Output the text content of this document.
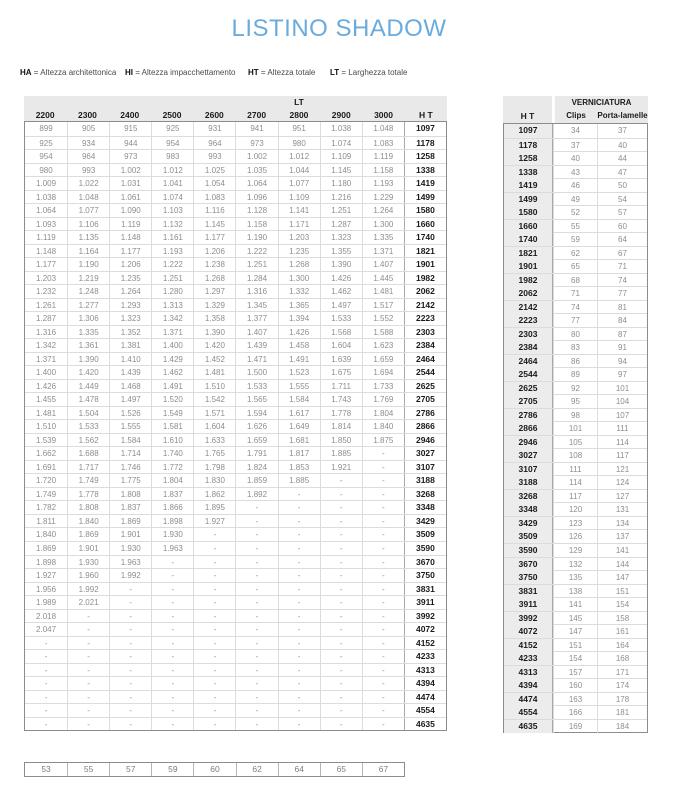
LISTINO SHADOW
HA = Altezza architettonica HI = Altezza impacchettamento HT = Altezza totale LT = Larghezza totale
LT
2200	2300	2400	2500	2600	2700	2800	2900	3000	H T
899	905	915	925	931	941	951	1.038	1.048	1097
925	934	944	954	964	973	980	1.074	1.083	1178
954	964	973	983	993	1.002	1.012	1.109	1.119	1258
980	993	1.002	1.012	1.025	1.035	1.044	1.145	1.158	1338
1.009	1.022	1.031	1.041	1.054	1.064	1.077	1.180	1.193	1419
1.038	1.048	1.061	1.074	1.083	1.096	1.109	1.216	1.229	1499
1.064	1.077	1.090	1.103	1.116	1.128	1.141	1.251	1.264	1580
1.093	1.106	1.119	1.132	1.145	1.158	1.171	1.287	1.300	1660
1.119	1.135	1.148	1.161	1.177	1.190	1.203	1.323	1.335	1740
1.148	1.164	1.177	1.193	1.206	1.222	1.235	1.355	1.371	1821
1.177	1.190	1.206	1.222	1.238	1.251	1.268	1.390	1.407	1901
1.203	1.219	1.235	1.251	1.268	1.284	1.300	1.426	1.445	1982
1.232	1.248	1.264	1.280	1.297	1.316	1.332	1.462	1.481	2062
1.261	1.277	1.293	1.313	1.329	1.345	1.365	1.497	1.517	2142
1.287	1.306	1.323	1.342	1.358	1.377	1.394	1.533	1.552	2223
1.316	1.335	1.352	1.371	1.390	1.407	1.426	1.568	1.588	2303
1.342	1.361	1.381	1.400	1.420	1.439	1.458	1.604	1.623	2384
1.371	1.390	1.410	1.429	1.452	1.471	1.491	1.639	1.659	2464
1.400	1.420	1.439	1.462	1.481	1.500	1.523	1.675	1.694	2544
1.426	1.449	1.468	1.491	1.510	1.533	1.555	1.711	1.733	2625
1.455	1.478	1.497	1.520	1.542	1.565	1.584	1.743	1.769	2705
1.481	1.504	1.526	1.549	1.571	1.594	1.617	1.778	1.804	2786
1.510	1.533	1.555	1.581	1.604	1.626	1.649	1.814	1.840	2866
1.539	1.562	1.584	1.610	1.633	1.659	1.681	1.850	1.875	2946
1.662	1.688	1.714	1.740	1.765	1.791	1.817	1.885	-	3027
1.691	1.717	1.746	1.772	1.798	1.824	1.853	1.921	-	3107
1.720	1.749	1.775	1.804	1.830	1.859	1.885	-	-	3188
1.749	1.778	1.808	1.837	1.862	1.892	-	-	-	3268
1.782	1.808	1.837	1.866	1.895	-	-	-	-	3348
1.811	1.840	1.869	1.898	1.927	-	-	-	-	3429
1.840	1.869	1.901	1.930	-	-	-	-	-	3509
1.869	1.901	1.930	1.963	-	-	-	-	-	3590
1.898	1.930	1.963	-	-	-	-	-	-	3670
1.927	1.960	1.992	-	-	-	-	-	-	3750
1.956	1.992	-	-	-	-	-	-	-	3831
1.989	2.021	-	-	-	-	-	-	-	3911
2.018	-	-	-	-	-	-	-	-	3992
2.047	-	-	-	-	-	-	-	-	4072
-	-	-	-	-	-	-	-	-	4152
-	-	-	-	-	-	-	-	-	4233
-	-	-	-	-	-	-	-	-	4313
-	-	-	-	-	-	-	-	-	4394
-	-	-	-	-	-	-	-	-	4474
-	-	-	-	-	-	-	-	-	4554
-	-	-	-	-	-	-	-	-	4635
H T
VERNICIATURA
Clips	Porta-lamelle
1097	34	37
1178	37	40
1258	40	44
1338	43	47
1419	46	50
1499	49	54
1580	52	57
1660	55	60
1740	59	64
1821	62	67
1901	65	71
1982	68	74
2062	71	77
2142	74	81
2223	77	84
2303	80	87
2384	83	91
2464	86	94
2544	89	97
2625	92	101
2705	95	104
2786	98	107
2866	101	111
2946	105	114
3027	108	117
3107	111	121
3188	114	124
3268	117	127
3348	120	131
3429	123	134
3509	126	137
3590	129	141
3670	132	144
3750	135	147
3831	138	151
3911	141	154
3992	145	158
4072	147	161
4152	151	164
4233	154	168
4313	157	171
4394	160	174
4474	163	178
4554	166	181
4635	169	184
53	55	57	59	60	62	64	65	67
